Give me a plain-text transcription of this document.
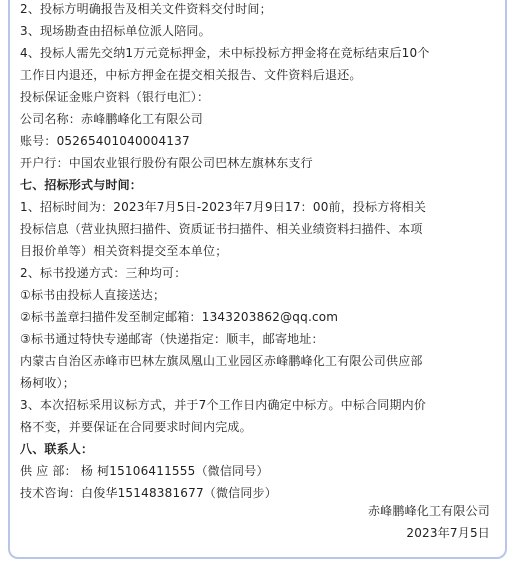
2、投标方明确报告及相关文件资料交付时间；
3、现场勘查由招标单位派人陪同。
4、投标人需先交纳1万元竞标押金，未中标投标方押金将在竞标结束后10个
工作日内退还，中标方押金在提交相关报告、文件资料后退还。
投标保证金账户资料（银行电汇）：
公司名称：赤峰鹏峰化工有限公司
账号：05265401040004137
开户行：中国农业银行股份有限公司巴林左旗林东支行
七、招标形式与时间：
1、招标时间为：2023年7月5日-2023年7月9日17：00前，投标方将相关
投标信息（营业执照扫描件、资质证书扫描件、相关业绩资料扫描件、本项
目报价单等）相关资料提交至本单位；
2、标书投递方式：三种均可：
①标书由投标人直接送达；
②标书盖章扫描件发至制定邮箱：1343203862@qq.com
③标书通过特快专递邮寄（快递指定：顺丰，邮寄地址：
内蒙古自治区赤峰市巴林左旗凤凰山工业园区赤峰鹏峰化工有限公司供应部
杨柯收）；
3、本次招标采用议标方式，并于7个工作日内确定中标方。中标合同期内价
格不变，并要保证在合同要求时间内完成。
八、联系人：
供 应 部： 杨 柯15106411555（微信同号）
技术咨询：白俊华15148381677（微信同步）
赤峰鹏峰化工有限公司
2023年7月5日
